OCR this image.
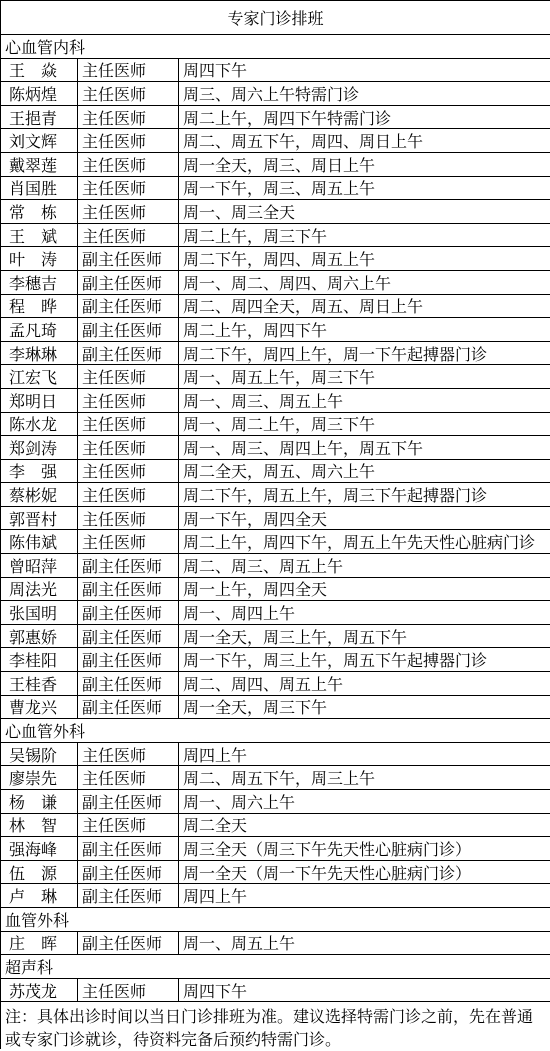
专家门诊排班
心血管内科
王　焱	主任医师	周四下午
陈炳煌	主任医师	周三、周六上午特需门诊
王挹青	主任医师	周二上午，周四下午特需门诊
刘文辉	主任医师	周二、周五下午，周四、周日上午
戴翠莲	主任医师	周一全天，周三、周日上午
肖国胜	主任医师	周一下午，周三、周五上午
常　栋	主任医师	周一、周三全天
王　斌	主任医师	周二上午，周三下午
叶　涛	副主任医师	周二下午，周四、周五上午
李穗吉	副主任医师	周一、周二、周四、周六上午
程　晔	副主任医师	周二、周四全天，周五、周日上午
孟凡琦	副主任医师	周二上午，周四下午
李琳琳	副主任医师	周二下午，周四上午，周一下午起搏器门诊
江宏飞	主任医师	周一、周五上午，周三下午
郑明日	主任医师	周一、周三、周五上午
陈水龙	主任医师	周一、周二上午，周三下午
郑剑涛	主任医师	周一、周三、周四上午，周五下午
李　强	主任医师	周二全天，周五、周六上午
蔡彬妮	主任医师	周二下午，周五上午，周三下午起搏器门诊
郭晋村	主任医师	周一下午，周四全天
陈伟斌	主任医师	周二上午，周四下午，周五上午先天性心脏病门诊
曾昭萍	副主任医师	周二、周三、周五上午
周法光	副主任医师	周一上午，周四全天
张国明	副主任医师	周一、周四上午
郭惠娇	副主任医师	周一全天，周三上午，周五下午
李桂阳	副主任医师	周一下午，周三上午，周五下午起搏器门诊
王桂香	副主任医师	周二、周四、周五上午
曹龙兴	副主任医师	周一全天，周三下午
心血管外科
吴锡阶	主任医师	周四上午
廖崇先	主任医师	周二、周五下午，周三上午
杨　谦	副主任医师	周一、周六上午
林　智	主任医师	周二全天
强海峰	副主任医师	周三全天（周三下午先天性心脏病门诊）
伍　源	副主任医师	周一全天（周一下午先天性心脏病门诊）
卢　琳	副主任医师	周四上午
血管外科
庄　晖	副主任医师	周一、周五上午
超声科
苏茂龙	主任医师	周四下午
注：具体出诊时间以当日门诊排班为准。建议选择特需门诊之前，先在普通或专家门诊就诊，待资料完备后预约特需门诊。
